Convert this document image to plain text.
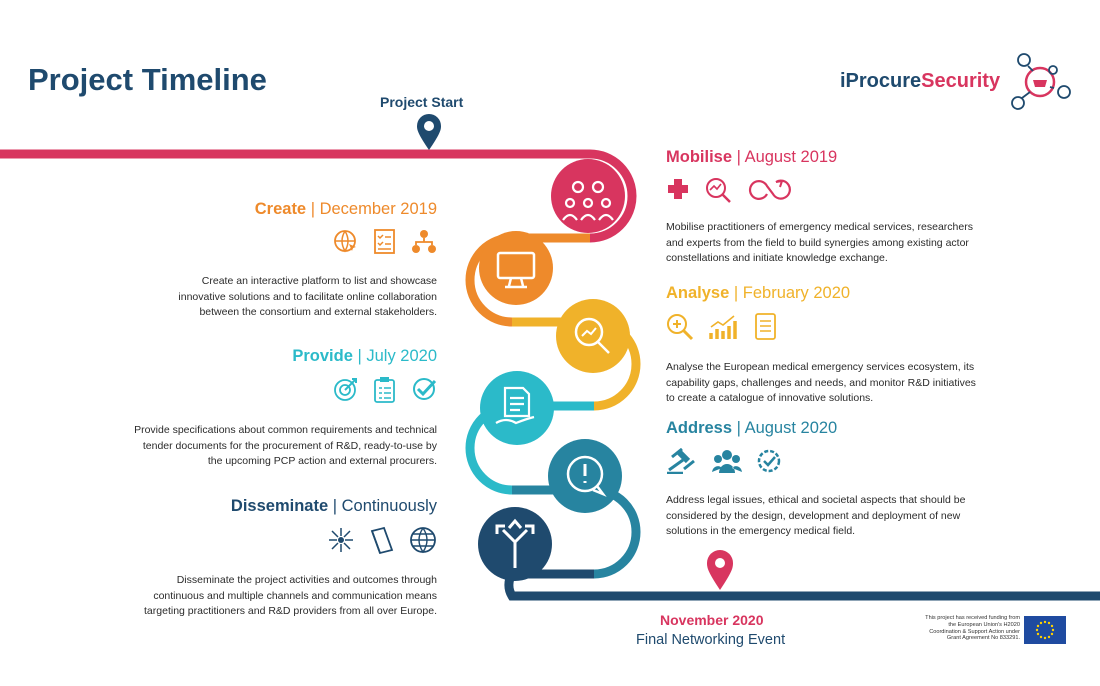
Project Timeline	iProcureSecurity
Project Start
Mobilise | August 2019

Mobilise practitioners of emergency medical services, researchers
and experts from the field to build synergies among existing actor
constellations and initiate knowledge exchange.

Create | December 2019

Create an interactive platform to list and showcase
innovative solutions and to facilitate online collaboration
between the consortium and external stakeholders.

Analyse | February 2020

Analyse the European medical emergency services ecosystem, its
capability gaps, challenges and needs, and monitor R&D initiatives
to create a catalogue of innovative solutions.

Provide | July 2020

Provide specifications about common requirements and technical
tender documents for the procurement of R&D, ready-to-use by
the upcoming PCP action and external procurers.

Address | August 2020

Address legal issues, ethical and societal aspects that should be
considered by the design, development and deployment of new
solutions in the emergency medical field.

Disseminate | Continuously

Disseminate the project activities and outcomes through
continuous and multiple channels and communication means
targeting practitioners and R&D providers from all over Europe.

November 2020
Final Networking Event
This project has received funding from
the European Union's H2020
Coordination & Support Action under
Grant Agreement No 833291.
